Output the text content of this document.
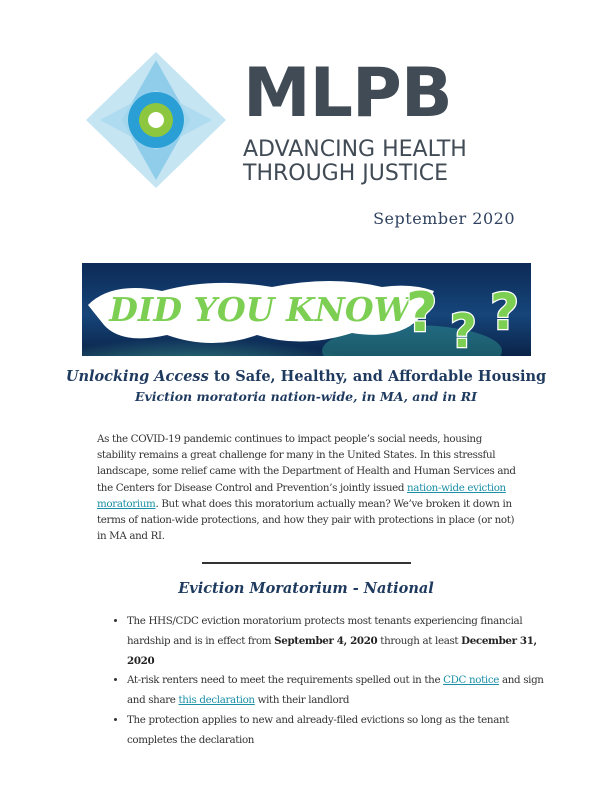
MLPB
ADVANCING HEALTH
THROUGH JUSTICE
September 2020
DID YOU KNOW
? ? ?
Unlocking Access to Safe, Healthy, and Affordable Housing
Eviction moratoria nation-wide, in MA, and in RI
As the COVID-19 pandemic continues to impact people’s social needs, housing stability remains a great challenge for many in the United States. In this stressful landscape, some relief came with the Department of Health and Human Services and the Centers for Disease Control and Prevention’s jointly issued nation-wide eviction moratorium. But what does this moratorium actually mean? We’ve broken it down in terms of nation-wide protections, and how they pair with protections in place (or not) in MA and RI.
Eviction Moratorium - National
• The HHS/CDC eviction moratorium protects most tenants experiencing financial hardship and is in effect from September 4, 2020 through at least December 31, 2020
• At-risk renters need to meet the requirements spelled out in the CDC notice and sign and share this declaration with their landlord
• The protection applies to new and already-filed evictions so long as the tenant completes the declaration
